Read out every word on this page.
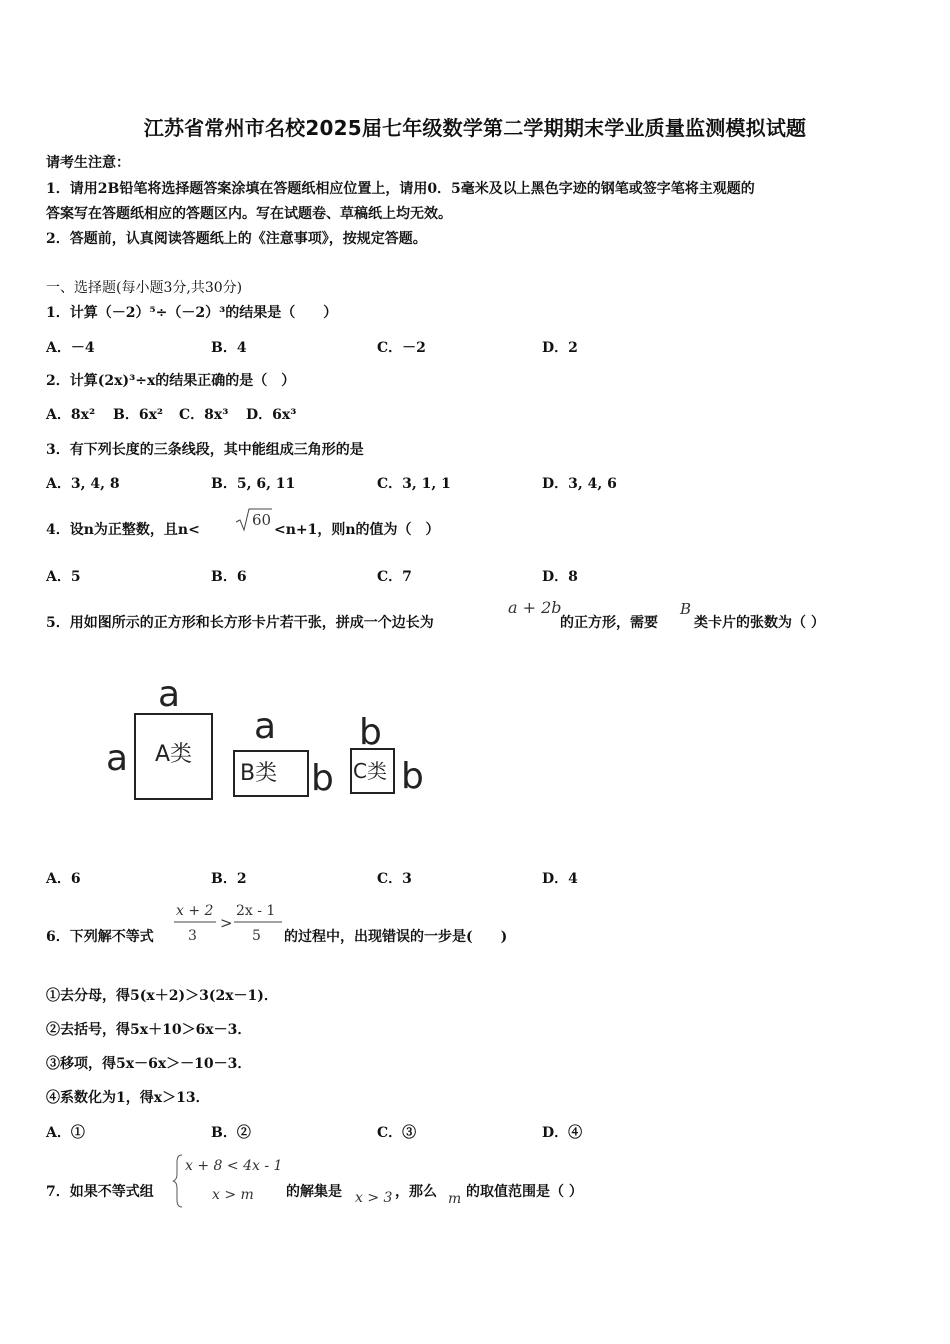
江苏省常州市名校2025届七年级数学第二学期期末学业质量监测模拟试题
请考生注意：
1．请用2B铅笔将选择题答案涂填在答题纸相应位置上，请用0．5毫米及以上黑色字迹的钢笔或签字笔将主观题的
答案写在答题纸相应的答题区内。写在试题卷、草稿纸上均无效。
2．答题前，认真阅读答题纸上的《注意事项》，按规定答题。
一、选择题(每小题3分,共30分)
1．计算（－2）⁵÷（－2）³的结果是（　　）
A．－4	B．4	C．－2	D．2
2．计算(2x)³÷x的结果正确的是（　）
A．8x² B．6x² C．8x³ D．6x³
3．有下列长度的三条线段，其中能组成三角形的是
A．3, 4, 8	B．5, 6, 11	C．3, 1, 1	D．3, 4, 6
4．设n为正整数，且n<
60
<n+1，则n的值为（　）
A．5	B．6	C．7	D．8
5．用如图所示的正方形和长方形卡片若干张，拼成一个边长为
a + 2b
的正方形，需要
B
类卡片的张数为（ ）
a
a A类
a
b
B类
b
b
C类
A．6	B．2	C．3	D．4
6．下列解不等式
x + 2
3
>
2x - 1
5 的过程中，出现错误的一步是(　　)
①去分母，得5(x＋2)＞3(2x－1)．
②去括号，得5x＋10＞6x－3．
③移项，得5x－6x＞－10－3．
④系数化为1，得x＞13．
A．①	B．②	C．③	D．④
7．如果不等式组
x + 8 < 4x - 1
x > m 的解集是 x > 3 ，那么 m 的取值范围是（ ）
